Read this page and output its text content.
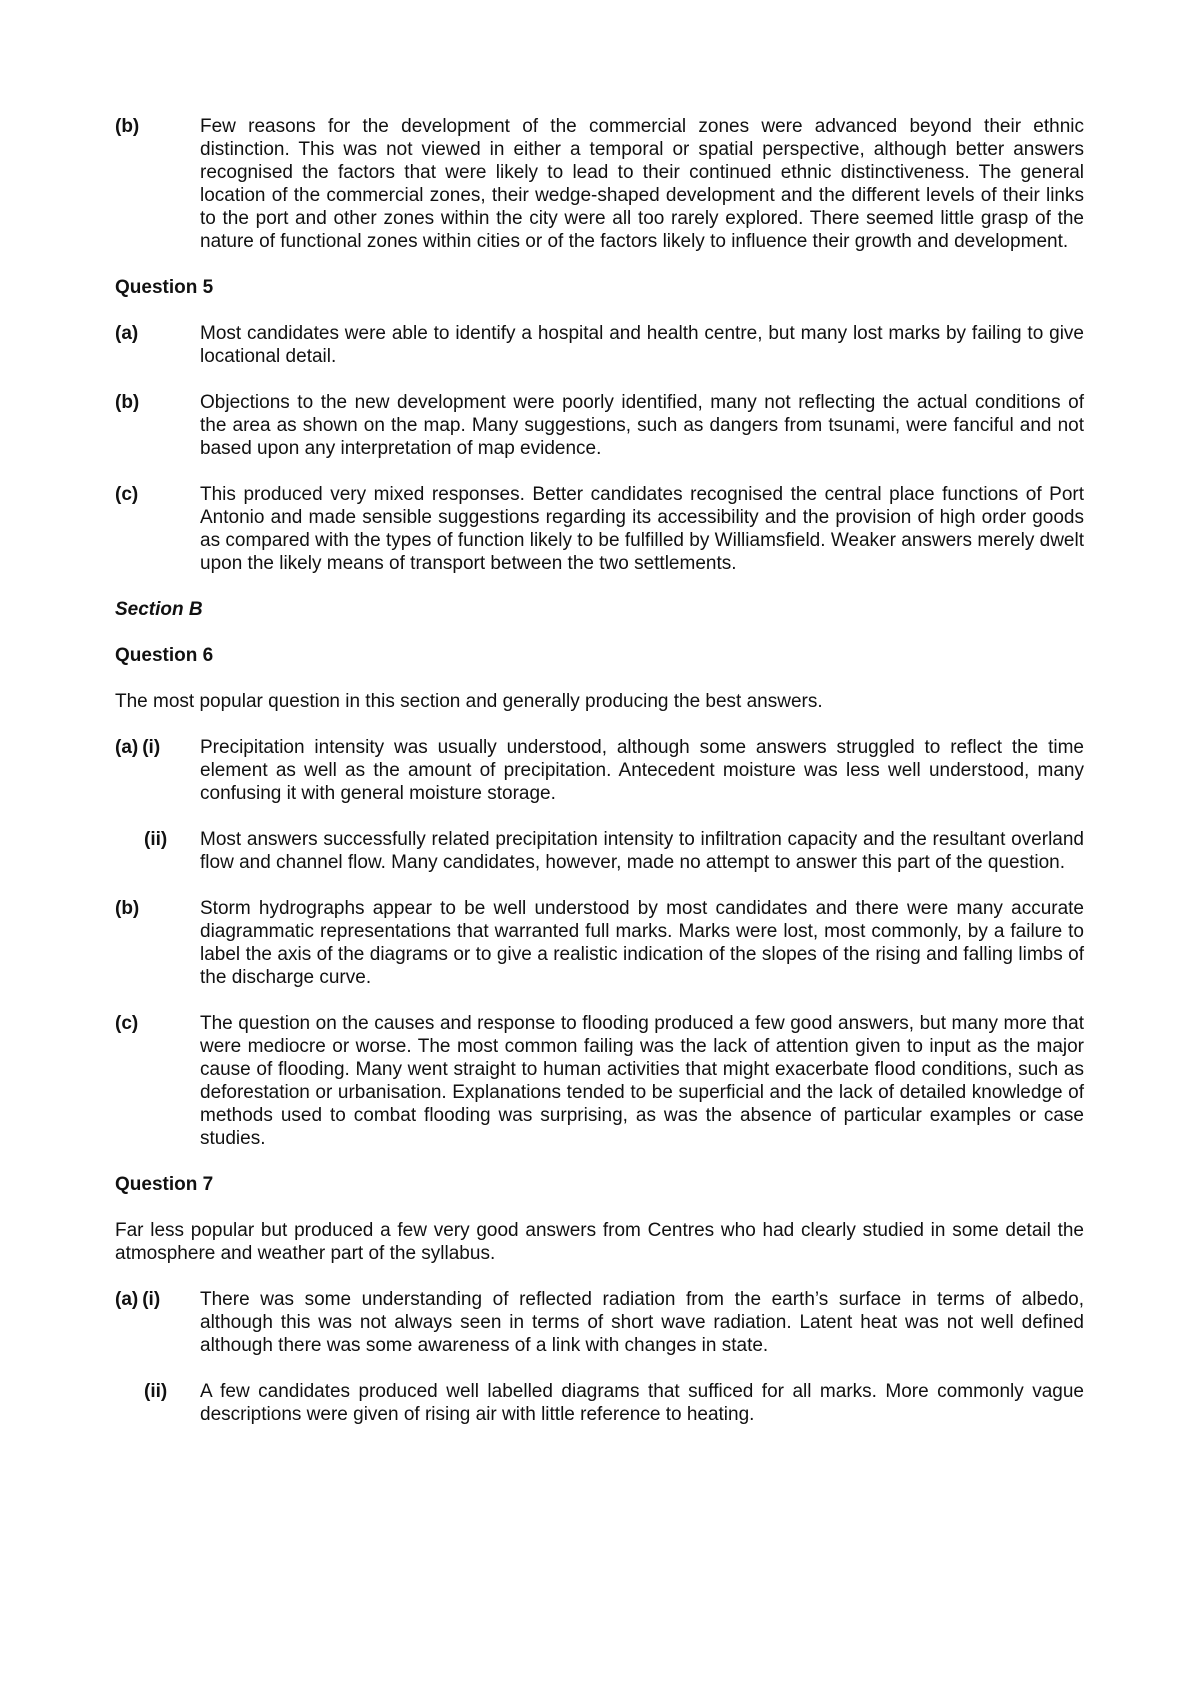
(b)	Few reasons for the development of the commercial zones were advanced beyond their ethnic distinction. This was not viewed in either a temporal or spatial perspective, although better answers recognised the factors that were likely to lead to their continued ethnic distinctiveness. The general location of the commercial zones, their wedge-shaped development and the different levels of their links to the port and other zones within the city were all too rarely explored. There seemed little grasp of the nature of functional zones within cities or of the factors likely to influence their growth and development.
Question 5
(a)	Most candidates were able to identify a hospital and health centre, but many lost marks by failing to give locational detail.
(b)	Objections to the new development were poorly identified, many not reflecting the actual conditions of the area as shown on the map. Many suggestions, such as dangers from tsunami, were fanciful and not based upon any interpretation of map evidence.
(c)	This produced very mixed responses. Better candidates recognised the central place functions of Port Antonio and made sensible suggestions regarding its accessibility and the provision of high order goods as compared with the types of function likely to be fulfilled by Williamsfield. Weaker answers merely dwelt upon the likely means of transport between the two settlements.
Section B
Question 6
The most popular question in this section and generally producing the best answers.
(a) (i)	Precipitation intensity was usually understood, although some answers struggled to reflect the time element as well as the amount of precipitation. Antecedent moisture was less well understood, many confusing it with general moisture storage.
(ii)	Most answers successfully related precipitation intensity to infiltration capacity and the resultant overland flow and channel flow. Many candidates, however, made no attempt to answer this part of the question.
(b)	Storm hydrographs appear to be well understood by most candidates and there were many accurate diagrammatic representations that warranted full marks. Marks were lost, most commonly, by a failure to label the axis of the diagrams or to give a realistic indication of the slopes of the rising and falling limbs of the discharge curve.
(c)	The question on the causes and response to flooding produced a few good answers, but many more that were mediocre or worse. The most common failing was the lack of attention given to input as the major cause of flooding. Many went straight to human activities that might exacerbate flood conditions, such as deforestation or urbanisation. Explanations tended to be superficial and the lack of detailed knowledge of methods used to combat flooding was surprising, as was the absence of particular examples or case studies.
Question 7
Far less popular but produced a few very good answers from Centres who had clearly studied in some detail the atmosphere and weather part of the syllabus.
(a) (i)	There was some understanding of reflected radiation from the earth’s surface in terms of albedo, although this was not always seen in terms of short wave radiation. Latent heat was not well defined although there was some awareness of a link with changes in state.
(ii)	A few candidates produced well labelled diagrams that sufficed for all marks. More commonly vague descriptions were given of rising air with little reference to heating.
